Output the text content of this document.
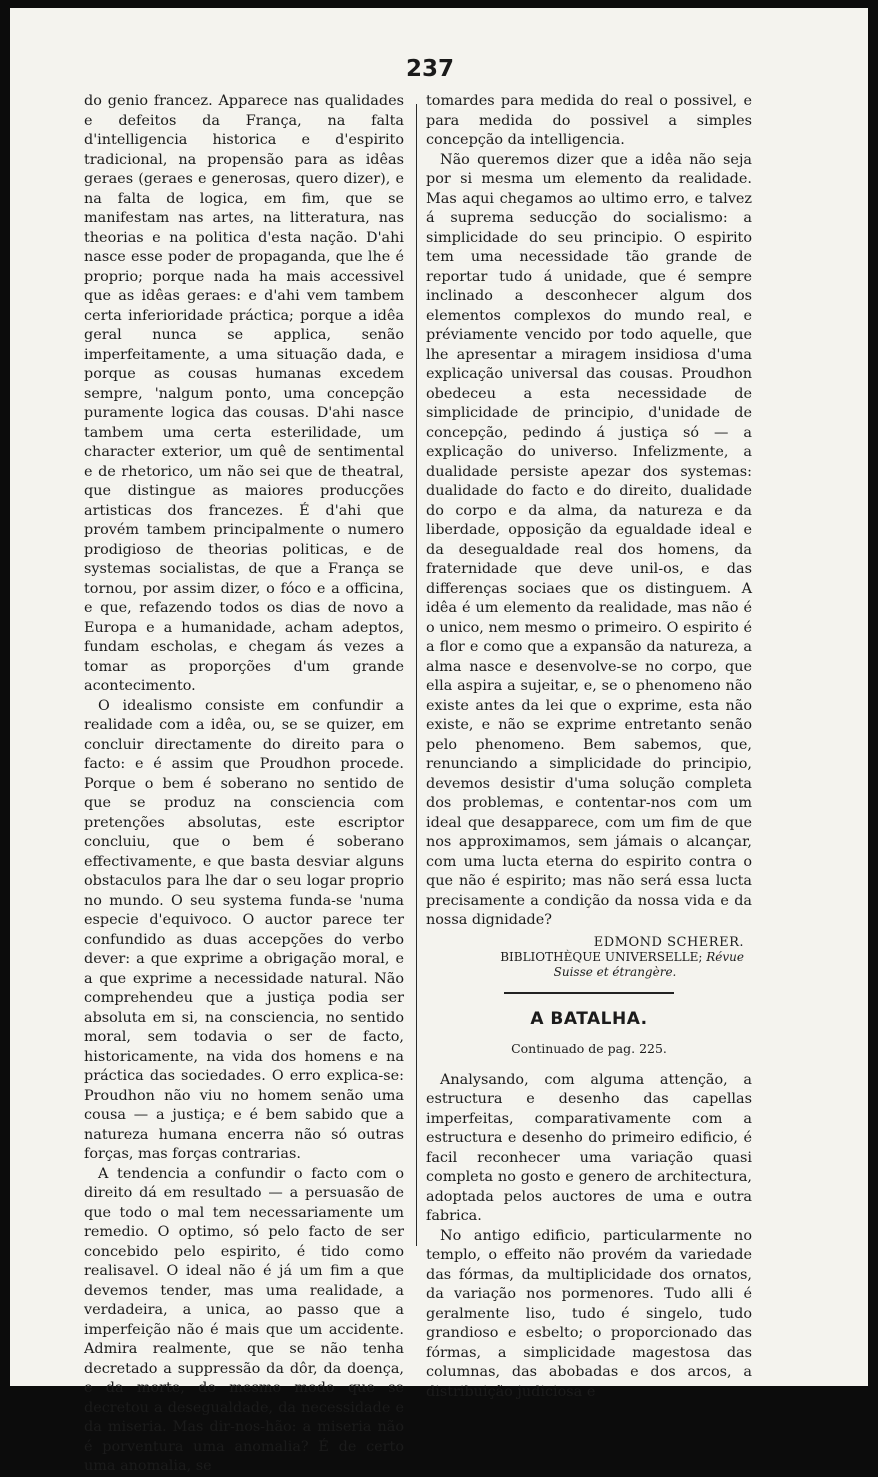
237

do genio francez. Apparece nas qualidades e defeitos da França, na falta d'intelligencia historica e d'espirito tradicional, na propensão para as idêas geraes (geraes e generosas, quero dizer), e na falta de logica, em fim, que se manifestam nas artes, na litteratura, nas theorias e na politica d'esta nação. D'ahi nasce esse poder de propaganda, que lhe é proprio; porque nada ha mais accessivel que as idêas geraes: e d'ahi vem tambem certa inferioridade práctica; porque a idêa geral nunca se applica, senão imperfeitamente, a uma situação dada, e porque as cousas humanas excedem sempre, 'nalgum ponto, uma concepção puramente logica das cousas. D'ahi nasce tambem uma certa esterilidade, um character exterior, um quê de sentimental e de rhetorico, um não sei que de theatral, que distingue as maiores producções artisticas dos francezes. É d'ahi que provém tambem principalmente o numero prodigioso de theorias politicas, e de systemas socialistas, de que a França se tornou, por assim dizer, o fóco e a officina, e que, refazendo todos os dias de novo a Europa e a humanidade, acham adeptos, fundam escholas, e chegam ás vezes a tomar as proporções d'um grande acontecimento.

O idealismo consiste em confundir a realidade com a idêa, ou, se se quizer, em concluir directamente do direito para o facto: e é assim que Proudhon procede. Porque o bem é soberano no sentido de que se produz na consciencia com pretenções absolutas, este escriptor concluiu, que o bem é soberano effectivamente, e que basta desviar alguns obstaculos para lhe dar o seu logar proprio no mundo. O seu systema funda-se 'numa especie d'equivoco. O auctor parece ter confundido as duas accepções do verbo dever: a que exprime a obrigação moral, e a que exprime a necessidade natural. Não comprehendeu que a justiça podia ser absoluta em si, na consciencia, no sentido moral, sem todavia o ser de facto, historicamente, na vida dos homens e na práctica das sociedades. O erro explica-se: Proudhon não viu no homem senão uma cousa — a justiça; e é bem sabido que a natureza humana encerra não só outras forças, mas forças contrarias.

A tendencia a confundir o facto com o direito dá em resultado — a persuasão de que todo o mal tem necessariamente um remedio. O optimo, só pelo facto de ser concebido pelo espirito, é tido como realisavel. O ideal não é já um fim a que devemos tender, mas uma realidade, a verdadeira, a unica, ao passo que a imperfeição não é mais que um accidente. Admira realmente, que se não tenha decretado a suppressão da dôr, da doença, e da morte, do mesmo modo que se decretou a desegualdade, da necessidade e da miseria. Mas dir-nos-hão: a miseria não é porventura uma anomalia? É de certo uma anomalia, se

tomardes para medida do real o possivel, e para medida do possivel a simples concepção da intelligencia.

Não queremos dizer que a idêa não seja por si mesma um elemento da realidade. Mas aqui chegamos ao ultimo erro, e talvez á suprema seducção do socialismo: a simplicidade do seu principio. O espirito tem uma necessidade tão grande de reportar tudo á unidade, que é sempre inclinado a desconhecer algum dos elementos complexos do mundo real, e préviamente vencido por todo aquelle, que lhe apresentar a miragem insidiosa d'uma explicação universal das cousas. Proudhon obedeceu a esta necessidade de simplicidade de principio, d'unidade de concepção, pedindo á justiça só — a explicação do universo. Infelizmente, a dualidade persiste apezar dos systemas: dualidade do facto e do direito, dualidade do corpo e da alma, da natureza e da liberdade, opposição da egualdade ideal e da desegualdade real dos homens, da fraternidade que deve unil-os, e das differenças sociaes que os distinguem. A idêa é um elemento da realidade, mas não é o unico, nem mesmo o primeiro. O espirito é a flor e como que a expansão da natureza, a alma nasce e desenvolve-se no corpo, que ella aspira a sujeitar, e, se o phenomeno não existe antes da lei que o exprime, esta não existe, e não se exprime entretanto senão pelo phenomeno. Bem sabemos, que, renunciando a simplicidade do principio, devemos desistir d'uma solução completa dos problemas, e contentar-nos com um ideal que desapparece, com um fim de que nos approximamos, sem jámais o alcançar, com uma lucta eterna do espirito contra o que não é espirito; mas não será essa lucta precisamente a condição da nossa vida e da nossa dignidade?

EDMOND SCHERER.
BIBLIOTHÈQUE UNIVERSELLE; Révue
Suisse et étrangère.
A BATALHA.
Continuado de pag. 225.

Analysando, com alguma attenção, a estructura e desenho das capellas imperfeitas, comparativamente com a estructura e desenho do primeiro edificio, é facil reconhecer uma variação quasi completa no gosto e genero de architectura, adoptada pelos auctores de uma e outra fabrica.

No antigo edificio, particularmente no templo, o effeito não provém da variedade das fórmas, da multiplicidade dos ornatos, da variação nos pormenores. Tudo alli é geralmente liso, tudo é singelo, tudo grandioso e esbelto; o proporcionado das fórmas, a simplicidade magestosa das columnas, das abobadas e dos arcos, a distribuição judiciosa e
